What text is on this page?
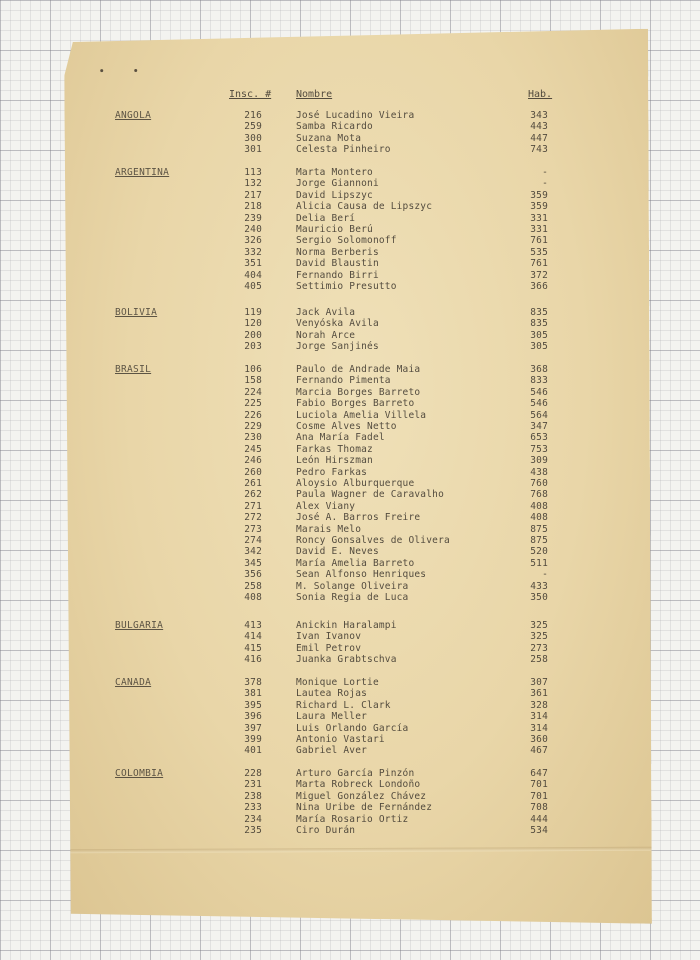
Insc. # Nombre	Hab.
ANGOLA	216	José Lucadino Vieira	343
259	Samba Ricardo	443
300	Suzana Mota	447
301	Celesta Pinheiro	743
ARGENTINA	113	Marta Montero	-
132	Jorge Giannoni	-
217	David Lipszyc	359
218	Alicia Causa de Lipszyc	359
239	Delia Berí	331
240	Mauricio Berú	331
326	Sergio Solomonoff	761
332	Norma Berberis	535
351	David Blaustin	761
404	Fernando Birri	372
405	Settimio Presutto	366
BOLIVIA	119	Jack Avila	835
120	Venyóska Avila	835
200	Norah Arce	305
203	Jorge Sanjinés	305
BRASIL	106	Paulo de Andrade Maia	368
158	Fernando Pimenta	833
224	Marcia Borges Barreto	546
225	Fabio Borges Barreto	546
226	Luciola Amelia Villela	564
229	Cosme Alves Netto	347
230	Ana María Fadel	653
245	Farkas Thomaz	753
246	León Hirszman	309
260	Pedro Farkas	438
261	Aloysio Alburquerque	760
262	Paula Wagner de Caravalho	768
271	Alex Viany	408
272	José A. Barros Freire	408
273	Marais Melo	875
274	Roncy Gonsalves de Olivera	875
342	David E. Neves	520
345	María Amelia Barreto	511
356	Sean Alfonso Henriques	-
258	M. Solange Oliveira	433
408	Sonia Regia de Luca	350
BULGARIA	413	Anickin Haralampi	325
414	Ivan Ivanov	325
415	Emil Petrov	273
416	Juanka Grabtschva	258
CANADA	378	Monique Lortie	307
381	Lautea Rojas	361
395	Richard L. Clark	328
396	Laura Meller	314
397	Luis Orlando García	314
399	Antonio Vastari	360
401	Gabriel Aver	467
COLOMBIA	228	Arturo García Pinzón	647
231	Marta Robreck Londoño	701
238	Miguel González Chávez	701
233	Nina Uribe de Fernández	708
234	María Rosario Ortiz	444
235	Ciro Durán	534
